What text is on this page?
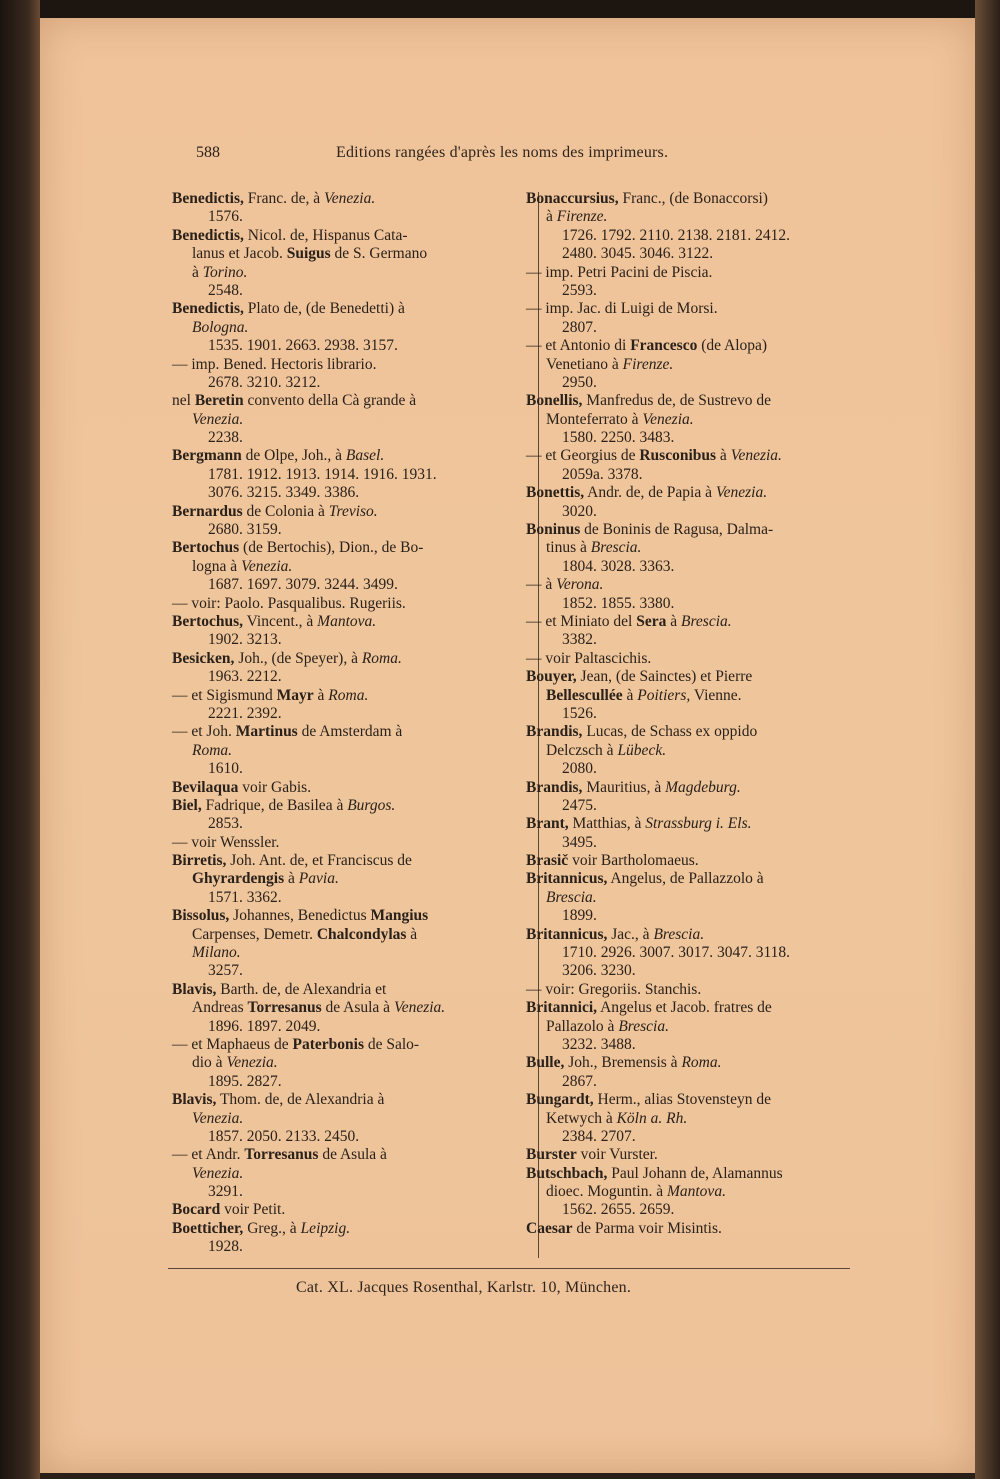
588	Editions rangées d'après les noms des imprimeurs.
Benedictis, Franc. de, à Venezia.
1576.
Benedictis, Nicol. de, Hispanus Cata-
lanus et Jacob. Suigus de S. Germano
à Torino.
2548.
Benedictis, Plato de, (de Benedetti) à
Bologna.
1535. 1901. 2663. 2938. 3157.
— imp. Bened. Hectoris librario.
2678. 3210. 3212.
nel Beretin convento della Cà grande à
Venezia.
2238.
Bergmann de Olpe, Joh., à Basel.
1781. 1912. 1913. 1914. 1916. 1931.
3076. 3215. 3349. 3386.
Bernardus de Colonia à Treviso.
2680. 3159.
Bertochus (de Bertochis), Dion., de Bo-
logna à Venezia.
1687. 1697. 3079. 3244. 3499.
— voir: Paolo. Pasqualibus. Rugeriis.
Bertochus, Vincent., à Mantova.
1902. 3213.
Besicken, Joh., (de Speyer), à Roma.
1963. 2212.
— et Sigismund Mayr à Roma.
2221. 2392.
— et Joh. Martinus de Amsterdam à
Roma.
1610.
Bevilaqua voir Gabis.
Biel, Fadrique, de Basilea à Burgos.
2853.
— voir Wenssler.
Birretis, Joh. Ant. de, et Franciscus de
Ghyrardengis à Pavia.
1571. 3362.
Bissolus, Johannes, Benedictus Mangius
Carpenses, Demetr. Chalcondylas à
Milano.
3257.
Blavis, Barth. de, de Alexandria et
Andreas Torresanus de Asula à Venezia.
1896. 1897. 2049.
— et Maphaeus de Paterbonis de Salo-
dio à Venezia.
1895. 2827.
Blavis, Thom. de, de Alexandria à
Venezia.
1857. 2050. 2133. 2450.
— et Andr. Torresanus de Asula à
Venezia.
3291.
Bocard voir Petit.
Boetticher, Greg., à Leipzig.
1928.
Bonaccursius, Franc., (de Bonaccorsi)
à Firenze.
1726. 1792. 2110. 2138. 2181. 2412.
2480. 3045. 3046. 3122.
— imp. Petri Pacini de Piscia.
2593.
— imp. Jac. di Luigi de Morsi.
2807.
— et Antonio di Francesco (de Alopa)
Venetiano à Firenze.
2950.
Bonellis, Manfredus de, de Sustrevo de
Monteferrato à Venezia.
1580. 2250. 3483.
— et Georgius de Rusconibus à Venezia.
2059a. 3378.
Bonettis, Andr. de, de Papia à Venezia.
3020.
Boninus de Boninis de Ragusa, Dalma-
tinus à Brescia.
1804. 3028. 3363.
— à Verona.
1852. 1855. 3380.
— et Miniato del Sera à Brescia.
3382.
— voir Paltascichis.
Bouyer, Jean, (de Sainctes) et Pierre
Bellescullée à Poitiers, Vienne.
1526.
Brandis, Lucas, de Schass ex oppido
Delczsch à Lübeck.
2080.
Brandis, Mauritius, à Magdeburg.
2475.
Brant, Matthias, à Strassburg i. Els.
3495.
Brasič voir Bartholomaeus.
Britannicus, Angelus, de Pallazzolo à
Brescia.
1899.
Britannicus, Jac., à Brescia.
1710. 2926. 3007. 3017. 3047. 3118.
3206. 3230.
— voir: Gregoriis. Stanchis.
Britannici, Angelus et Jacob. fratres de
Pallazolo à Brescia.
3232. 3488.
Bulle, Joh., Bremensis à Roma.
2867.
Bungardt, Herm., alias Stovensteyn de
Ketwych à Köln a. Rh.
2384. 2707.
Burster voir Vurster.
Butschbach, Paul Johann de, Alamannus
dioec. Moguntin. à Mantova.
1562. 2655. 2659.
Caesar de Parma voir Misintis.
Cat. XL. Jacques Rosenthal, Karlstr. 10, München.
